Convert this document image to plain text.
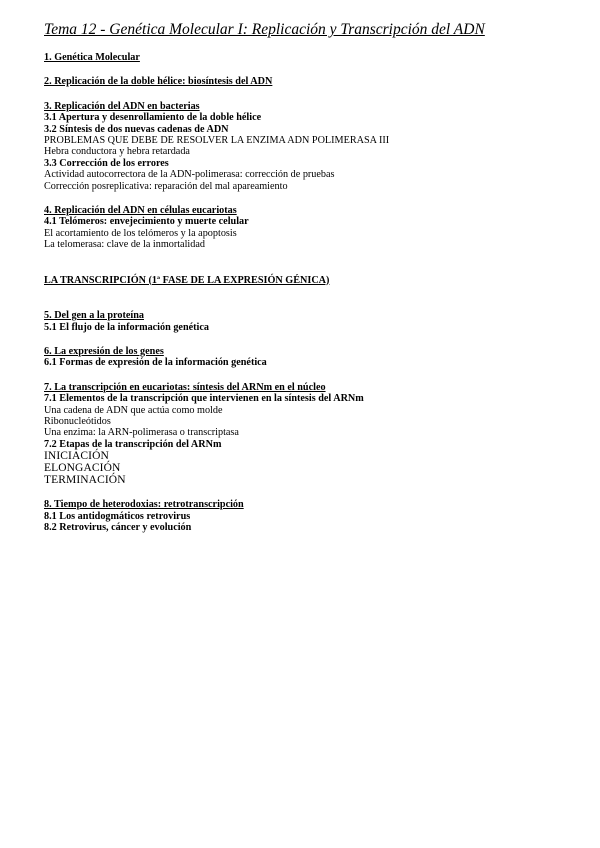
Tema 12 - Genética Molecular I: Replicación y Transcripción del ADN
1. Genética Molecular
2. Replicación de la doble hélice: biosíntesis del ADN
3. Replicación del ADN en bacterias
3.1 Apertura y desenrollamiento de la doble hélice
3.2 Síntesis de dos nuevas cadenas de ADN
PROBLEMAS QUE DEBE DE RESOLVER LA ENZIMA ADN POLIMERASA III
Hebra conductora y hebra retardada
3.3 Corrección de los errores
Actividad autocorrectora de la ADN-polimerasa: corrección de pruebas
Corrección posreplicativa: reparación del mal apareamiento
4. Replicación del ADN en células eucariotas
4.1 Telómeros: envejecimiento y muerte celular
El acortamiento de los telómeros y la apoptosis
La telomerasa: clave de la inmortalidad
LA TRANSCRIPCIÓN (1ª FASE DE LA EXPRESIÓN GÉNICA)
5. Del gen a la proteína
5.1 El flujo de la información genética
6. La expresión de los genes
6.1 Formas de expresión de la información genética
7. La transcripción en eucariotas: síntesis del ARNm en el núcleo
7.1 Elementos de la transcripción que intervienen en la síntesis del ARNm
Una cadena de ADN que actúa como molde
Ribonucleótidos
Una enzima: la ARN-polimerasa o transcriptasa
7.2 Etapas de la transcripción del ARNm
INICIACIÓN
ELONGACIÓN
TERMINACIÓN
8. Tiempo de heterodoxias: retrotranscripción
8.1 Los antidogmáticos retrovirus
8.2 Retrovirus, cáncer y evolución
